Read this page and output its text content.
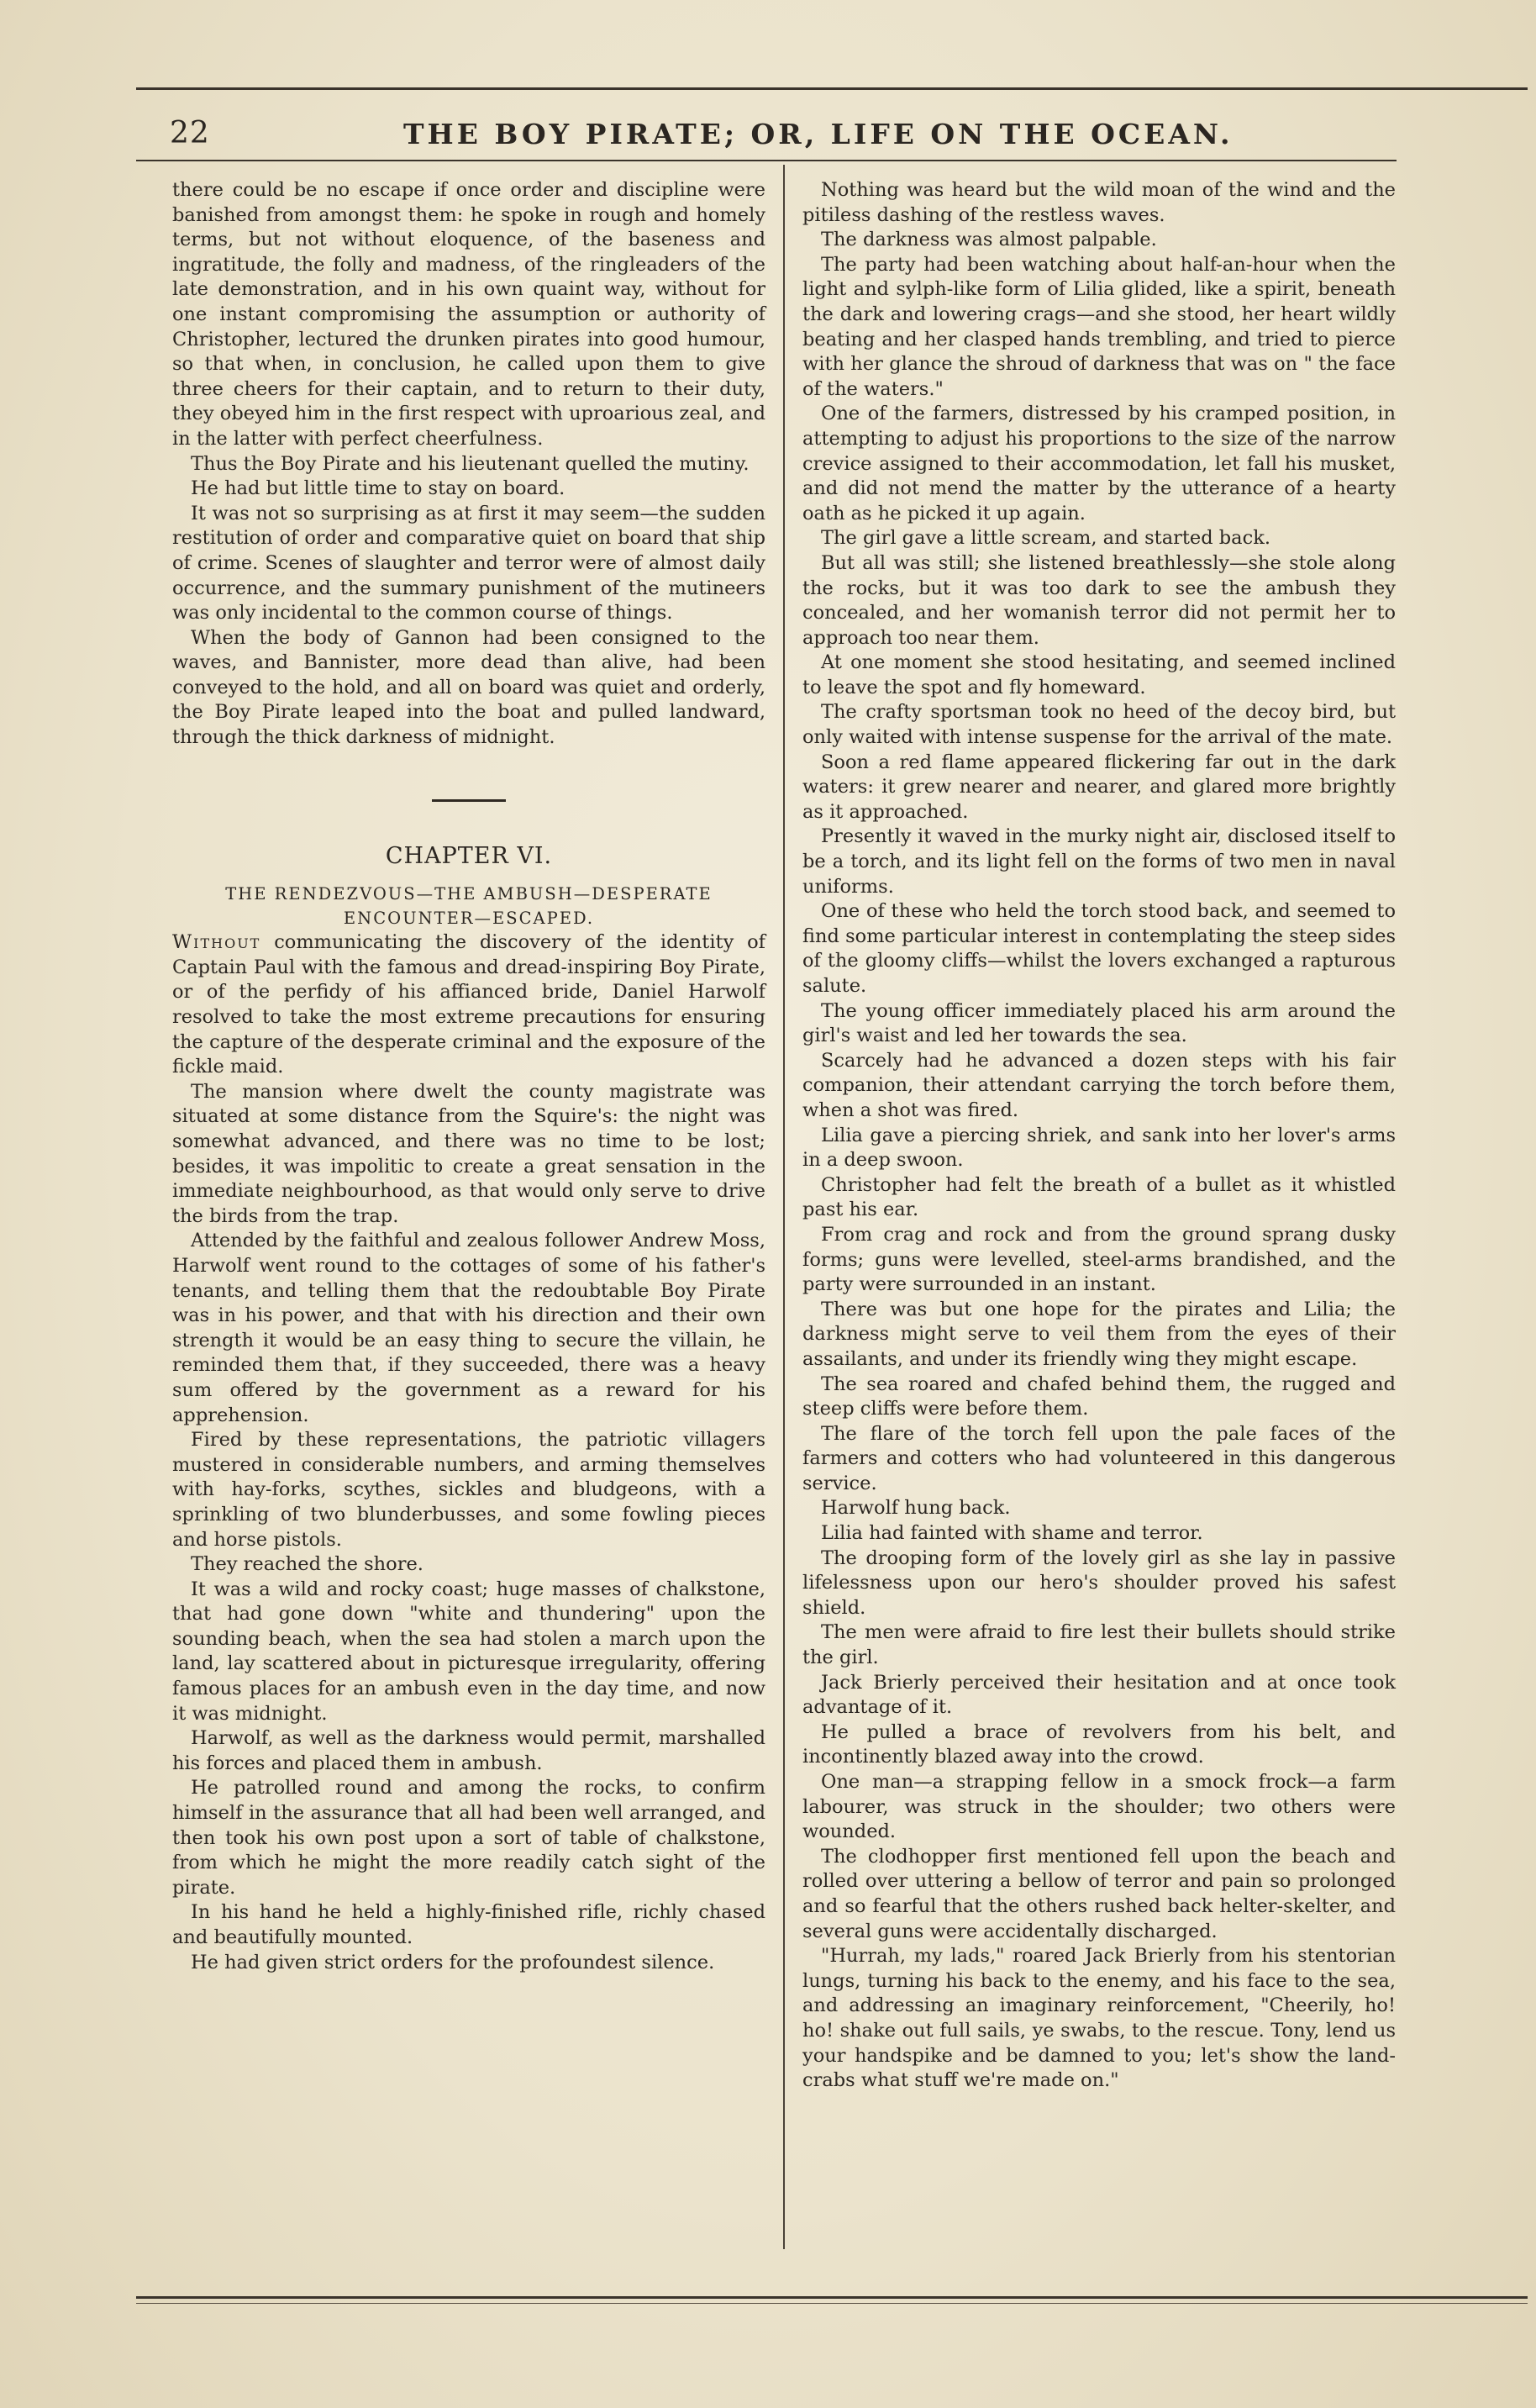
22	THE BOY PIRATE; OR, LIFE ON THE OCEAN.

there could be no escape if once order and discipline were banished from amongst them: he spoke in rough and homely terms, but not without eloquence, of the baseness and ingratitude, the folly and madness, of the ringleaders of the late demonstration, and in his own quaint way, without for one instant compromising the assumption or authority of Christopher, lectured the drunken pirates into good humour, so that when, in conclusion, he called upon them to give three cheers for their captain, and to return to their duty, they obeyed him in the first respect with uproarious zeal, and in the latter with perfect cheerfulness.

Thus the Boy Pirate and his lieutenant quelled the mutiny.

He had but little time to stay on board.

It was not so surprising as at first it may seem—the sudden restitution of order and comparative quiet on board that ship of crime. Scenes of slaughter and terror were of almost daily occurrence, and the summary punishment of the mutineers was only incidental to the common course of things.

When the body of Gannon had been consigned to the waves, and Bannister, more dead than alive, had been conveyed to the hold, and all on board was quiet and orderly, the Boy Pirate leaped into the boat and pulled landward, through the thick darkness of midnight.

CHAPTER VI.

THE RENDEZVOUS—THE AMBUSH—DESPERATE ENCOUNTER—ESCAPED.

Without communicating the discovery of the identity of Captain Paul with the famous and dread-inspiring Boy Pirate, or of the perfidy of his affianced bride, Daniel Harwolf resolved to take the most extreme precautions for ensuring the capture of the desperate criminal and the exposure of the fickle maid.

The mansion where dwelt the county magistrate was situated at some distance from the Squire's: the night was somewhat advanced, and there was no time to be lost; besides, it was impolitic to create a great sensation in the immediate neighbourhood, as that would only serve to drive the birds from the trap.

Attended by the faithful and zealous follower Andrew Moss, Harwolf went round to the cottages of some of his father's tenants, and telling them that the redoubtable Boy Pirate was in his power, and that with his direction and their own strength it would be an easy thing to secure the villain, he reminded them that, if they succeeded, there was a heavy sum offered by the government as a reward for his apprehension.

Fired by these representations, the patriotic villagers mustered in considerable numbers, and arming themselves with hay-forks, scythes, sickles and bludgeons, with a sprinkling of two blunderbusses, and some fowling pieces and horse pistols.

They reached the shore.

It was a wild and rocky coast; huge masses of chalkstone, that had gone down "white and thundering" upon the sounding beach, when the sea had stolen a march upon the land, lay scattered about in picturesque irregularity, offering famous places for an ambush even in the day time, and now it was midnight.

Harwolf, as well as the darkness would permit, marshalled his forces and placed them in ambush.

He patrolled round and among the rocks, to confirm himself in the assurance that all had been well arranged, and then took his own post upon a sort of table of chalkstone, from which he might the more readily catch sight of the pirate.

In his hand he held a highly-finished rifle, richly chased and beautifully mounted.

He had given strict orders for the profoundest silence.

Nothing was heard but the wild moan of the wind and the pitiless dashing of the restless waves.

The darkness was almost palpable.

The party had been watching about half-an-hour when the light and sylph-like form of Lilia glided, like a spirit, beneath the dark and lowering crags—and she stood, her heart wildly beating and her clasped hands trembling, and tried to pierce with her glance the shroud of darkness that was on " the face of the waters."

One of the farmers, distressed by his cramped position, in attempting to adjust his proportions to the size of the narrow crevice assigned to their accommodation, let fall his musket, and did not mend the matter by the utterance of a hearty oath as he picked it up again.

The girl gave a little scream, and started back.

But all was still; she listened breathlessly—she stole along the rocks, but it was too dark to see the ambush they concealed, and her womanish terror did not permit her to approach too near them.

At one moment she stood hesitating, and seemed inclined to leave the spot and fly homeward.

The crafty sportsman took no heed of the decoy bird, but only waited with intense suspense for the arrival of the mate.

Soon a red flame appeared flickering far out in the dark waters: it grew nearer and nearer, and glared more brightly as it approached.

Presently it waved in the murky night air, disclosed itself to be a torch, and its light fell on the forms of two men in naval uniforms.

One of these who held the torch stood back, and seemed to find some particular interest in contemplating the steep sides of the gloomy cliffs—whilst the lovers exchanged a rapturous salute.

The young officer immediately placed his arm around the girl's waist and led her towards the sea.

Scarcely had he advanced a dozen steps with his fair companion, their attendant carrying the torch before them, when a shot was fired.

Lilia gave a piercing shriek, and sank into her lover's arms in a deep swoon.

Christopher had felt the breath of a bullet as it whistled past his ear.

From crag and rock and from the ground sprang dusky forms; guns were levelled, steel-arms brandished, and the party were surrounded in an instant.

There was but one hope for the pirates and Lilia; the darkness might serve to veil them from the eyes of their assailants, and under its friendly wing they might escape.

The sea roared and chafed behind them, the rugged and steep cliffs were before them.

The flare of the torch fell upon the pale faces of the farmers and cotters who had volunteered in this dangerous service.

Harwolf hung back.

Lilia had fainted with shame and terror.

The drooping form of the lovely girl as she lay in passive lifelessness upon our hero's shoulder proved his safest shield.

The men were afraid to fire lest their bullets should strike the girl.

Jack Brierly perceived their hesitation and at once took advantage of it.

He pulled a brace of revolvers from his belt, and incontinently blazed away into the crowd.

One man—a strapping fellow in a smock frock—a farm labourer, was struck in the shoulder; two others were wounded.

The clodhopper first mentioned fell upon the beach and rolled over uttering a bellow of terror and pain so prolonged and so fearful that the others rushed back helter-skelter, and several guns were accidentally discharged.

"Hurrah, my lads," roared Jack Brierly from his stentorian lungs, turning his back to the enemy, and his face to the sea, and addressing an imaginary reinforcement, "Cheerily, ho! ho! shake out full sails, ye swabs, to the rescue. Tony, lend us your handspike and be damned to you; let's show the land-crabs what stuff we're made on."
